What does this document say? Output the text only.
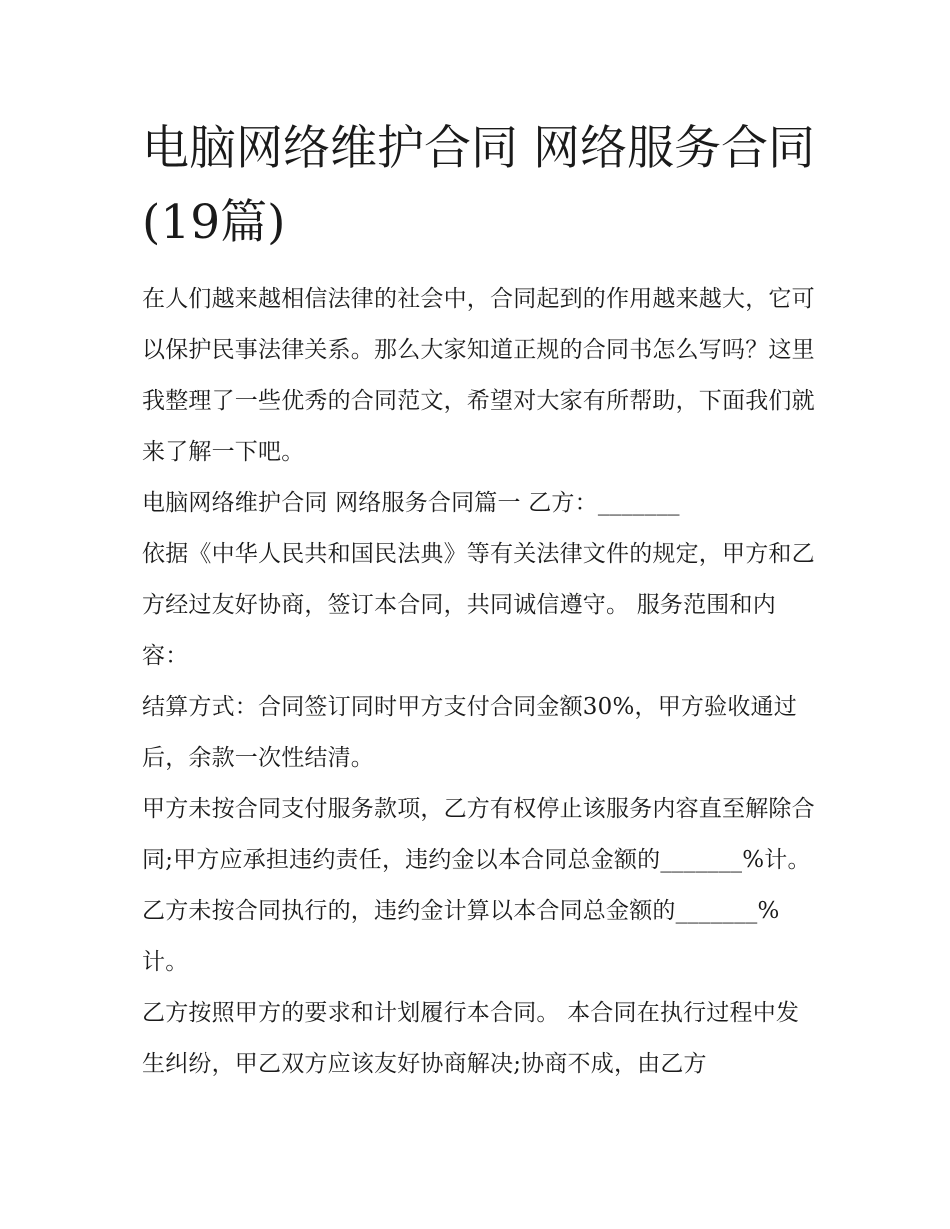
电脑网络维护合同 网络服务合同(19篇)

在人们越来越相信法律的社会中，合同起到的作用越来越大，它可以保护民事法律关系。那么大家知道正规的合同书怎么写吗？这里我整理了一些优秀的合同范文，希望对大家有所帮助，下面我们就来了解一下吧。

电脑网络维护合同 网络服务合同篇一 乙方：_______

依据《中华人民共和国民法典》等有关法律文件的规定，甲方和乙方经过友好协商，签订本合同，共同诚信遵守。 服务范围和内容：

结算方式：合同签订同时甲方支付合同金额30%，甲方验收通过后，余款一次性结清。

甲方未按合同支付服务款项，乙方有权停止该服务内容直至解除合同;甲方应承担违约责任，违约金以本合同总金额的_______%计。乙方未按合同执行的，违约金计算以本合同总金额的_______%计。

乙方按照甲方的要求和计划履行本合同。 本合同在执行过程中发生纠纷，甲乙双方应该友好协商解决;协商不成，由乙方
